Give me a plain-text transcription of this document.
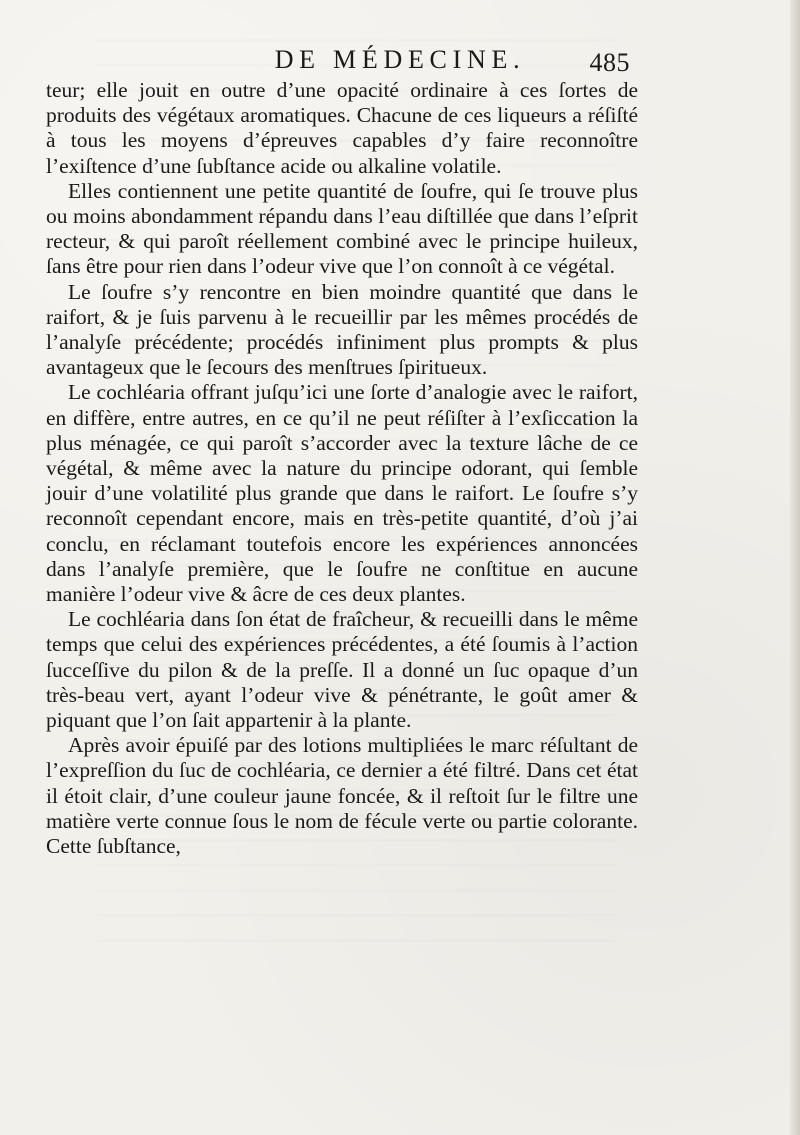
DE MÉDECINE. 485

teur; elle jouit en outre d’une opacité ordinaire à ces ſortes de produits des végétaux aromatiques. Chacune de ces liqueurs a réſiſté à tous les moyens d’épreuves capables d’y faire reconnoître l’exiſtence d’une ſubſtance acide ou alkaline volatile.

Elles contiennent une petite quantité de ſoufre, qui ſe trouve plus ou moins abondamment répandu dans l’eau diſtillée que dans l’eſprit recteur, & qui paroît réellement combiné avec le principe huileux, ſans être pour rien dans l’odeur vive que l’on connoît à ce végétal.

Le ſoufre s’y rencontre en bien moindre quantité que dans le raifort, & je ſuis parvenu à le recueillir par les mêmes procédés de l’analyſe précédente; procédés infiniment plus prompts & plus avantageux que le ſecours des menſtrues ſpiritueux.

Le cochléaria offrant juſqu’ici une ſorte d’analogie avec le raifort, en diffère, entre autres, en ce qu’il ne peut réſiſter à l’exſiccation la plus ménagée, ce qui paroît s’accorder avec la texture lâche de ce végétal, & même avec la nature du principe odorant, qui ſemble jouir d’une volatilité plus grande que dans le raifort. Le ſoufre s’y reconnoît cependant encore, mais en très-petite quantité, d’où j’ai conclu, en réclamant toutefois encore les expériences annoncées dans l’analyſe première, que le ſoufre ne conſtitue en aucune manière l’odeur vive & âcre de ces deux plantes.

Le cochléaria dans ſon état de fraîcheur, & recueilli dans le même temps que celui des expériences précédentes, a été ſoumis à l’action ſucceſſive du pilon & de la preſſe. Il a donné un ſuc opaque d’un très-beau vert, ayant l’odeur vive & pénétrante, le goût amer & piquant que l’on ſait appartenir à la plante.

Après avoir épuiſé par des lotions multipliées le marc réſultant de l’expreſſion du ſuc de cochléaria, ce dernier a été filtré. Dans cet état il étoit clair, d’une couleur jaune foncée, & il reſtoit ſur le filtre une matière verte connue ſous le nom de fécule verte ou partie colorante. Cette ſubſtance,
